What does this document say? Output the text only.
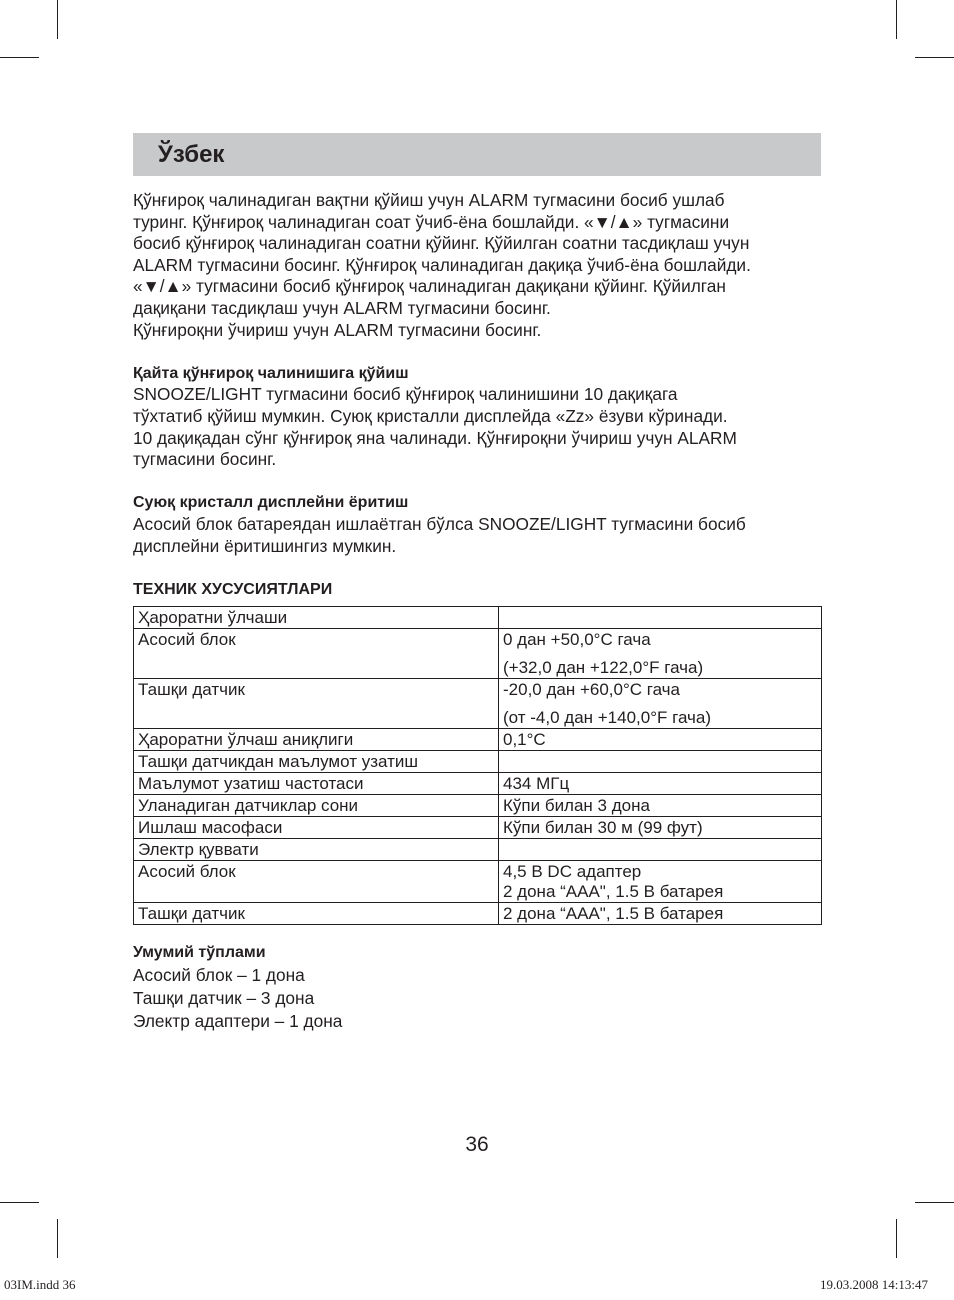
Ўзбек

Қўнғироқ чалинадиган вақтни қўйиш учун ALARM тугмасини босиб ушлаб

туринг. Қўнғироқ чалинадиган соат ўчиб-ёна бошлайди. «▼/▲» тугмасини

босиб қўнғироқ чалинадиган соатни қўйинг. Қўйилган соатни тасдиқлаш учун

ALARM тугмасини босинг. Қўнғироқ чалинадиган дақиқа ўчиб-ёна бошлайди.

«▼/▲» тугмасини босиб қўнғироқ чалинадиган дақиқани қўйинг. Қўйилган

дақиқани тасдиқлаш учун ALARM тугмасини босинг.

Қўнғироқни ўчириш учун ALARM тугмасини босинг.

Қайта қўнғироқ чалинишига қўйиш

SNOOZE/LIGHT тугмасини босиб қўнғироқ чалинишини 10 дақиқага

тўхтатиб қўйиш мумкин. Суюқ кристалли дисплейда «Zz» ёзуви кўринади.

10 дақиқадан сўнг қўнғироқ яна чалинади. Қўнғироқни ўчириш учун ALARM

тугмасини босинг.

Суюқ кристалл дисплейни ёритиш

Асосий блок батареядан ишлаётган бўлса SNOOZE/LIGHT тугмасини босиб

дисплейни ёритишингиз мумкин.

ТЕХНИК ХУСУСИЯТЛАРИ

Ҳароратни ўлчаши	
Асосий блок	0 дан +50,0°С гача
(+32,0 дан +122,0°F гача)

Ташқи датчик	-20,0 дан +60,0°С гача
(от -4,0 дан +140,0°F гача)

Ҳароратни ўлчаш аниқлиги	0,1°С
Ташқи датчикдан маълумот узатиш	
Маълумот узатиш частотаси	434 МГц
Уланадиган датчиклар сони	Кўпи билан 3 дона
Ишлаш масофаси	Кўпи билан 30 м (99 фут)
Электр қуввати	
Асосий блок	4,5 В DC адаптер
2 дона “AAA", 1.5 В батарея
Ташқи датчик	2 дона “AAA", 1.5 В батарея

Умумий тўплами

Асосий блок – 1 дона

Ташқи датчик – 3 дона

Электр адаптери – 1 дона

36
03IM.indd 36	19.03.2008 14:13:47
